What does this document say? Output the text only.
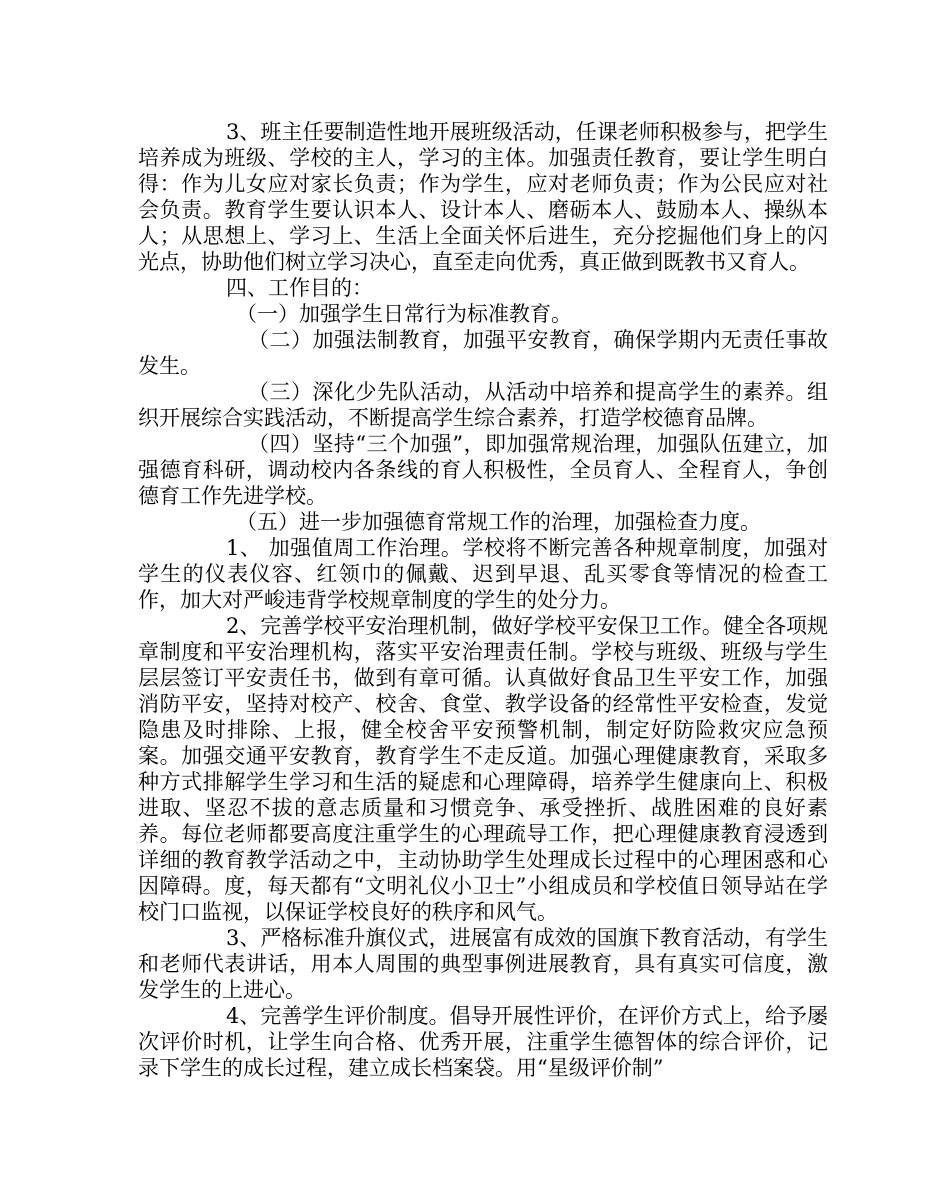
3、班主任要制造性地开展班级活动，任课老师积极参与，把学生培养成为班级、学校的主人，学习的主体。加强责任教育，要让学生明白得：作为儿女应对家长负责；作为学生，应对老师负责；作为公民应对社会负责。教育学生要认识本人、设计本人、磨砺本人、鼓励本人、操纵本人；从思想上、学习上、生活上全面关怀后进生，充分挖掘他们身上的闪光点，协助他们树立学习决心，直至走向优秀，真正做到既教书又育人。

四、工作目的：

（一）加强学生日常行为标准教育。

（二）加强法制教育，加强平安教育，确保学期内无责任事故发生。

（三）深化少先队活动，从活动中培养和提高学生的素养。组织开展综合实践活动，不断提高学生综合素养，打造学校德育品牌。

（四）坚持“三个加强”，即加强常规治理，加强队伍建立，加强德育科研，调动校内各条线的育人积极性，全员育人、全程育人，争创德育工作先进学校。

（五）进一步加强德育常规工作的治理，加强检查力度。

1、 加强值周工作治理。学校将不断完善各种规章制度，加强对学生的仪表仪容、红领巾的佩戴、迟到早退、乱买零食等情况的检查工作，加大对严峻违背学校规章制度的学生的处分力。

2、完善学校平安治理机制，做好学校平安保卫工作。健全各项规章制度和平安治理机构，落实平安治理责任制。学校与班级、班级与学生层层签订平安责任书，做到有章可循。认真做好食品卫生平安工作，加强消防平安，坚持对校产、校舍、食堂、教学设备的经常性平安检查，发觉隐患及时排除、上报，健全校舍平安预警机制，制定好防险救灾应急预案。加强交通平安教育，教育学生不走反道。加强心理健康教育，采取多种方式排解学生学习和生活的疑虑和心理障碍，培养学生健康向上、积极进取、坚忍不拔的意志质量和习惯竞争、承受挫折、战胜困难的良好素养。每位老师都要高度注重学生的心理疏导工作，把心理健康教育浸透到详细的教育教学活动之中，主动协助学生处理成长过程中的心理困惑和心因障碍。度，每天都有“文明礼仪小卫士”小组成员和学校值日领导站在学校门口监视，以保证学校良好的秩序和风气。

3、严格标准升旗仪式，进展富有成效的国旗下教育活动，有学生和老师代表讲话，用本人周围的典型事例进展教育，具有真实可信度，激发学生的上进心。

4、完善学生评价制度。倡导开展性评价，在评价方式上，给予屡次评价时机，让学生向合格、优秀开展，注重学生德智体的综合评价，记录下学生的成长过程，建立成长档案袋。用“星级评价制”
